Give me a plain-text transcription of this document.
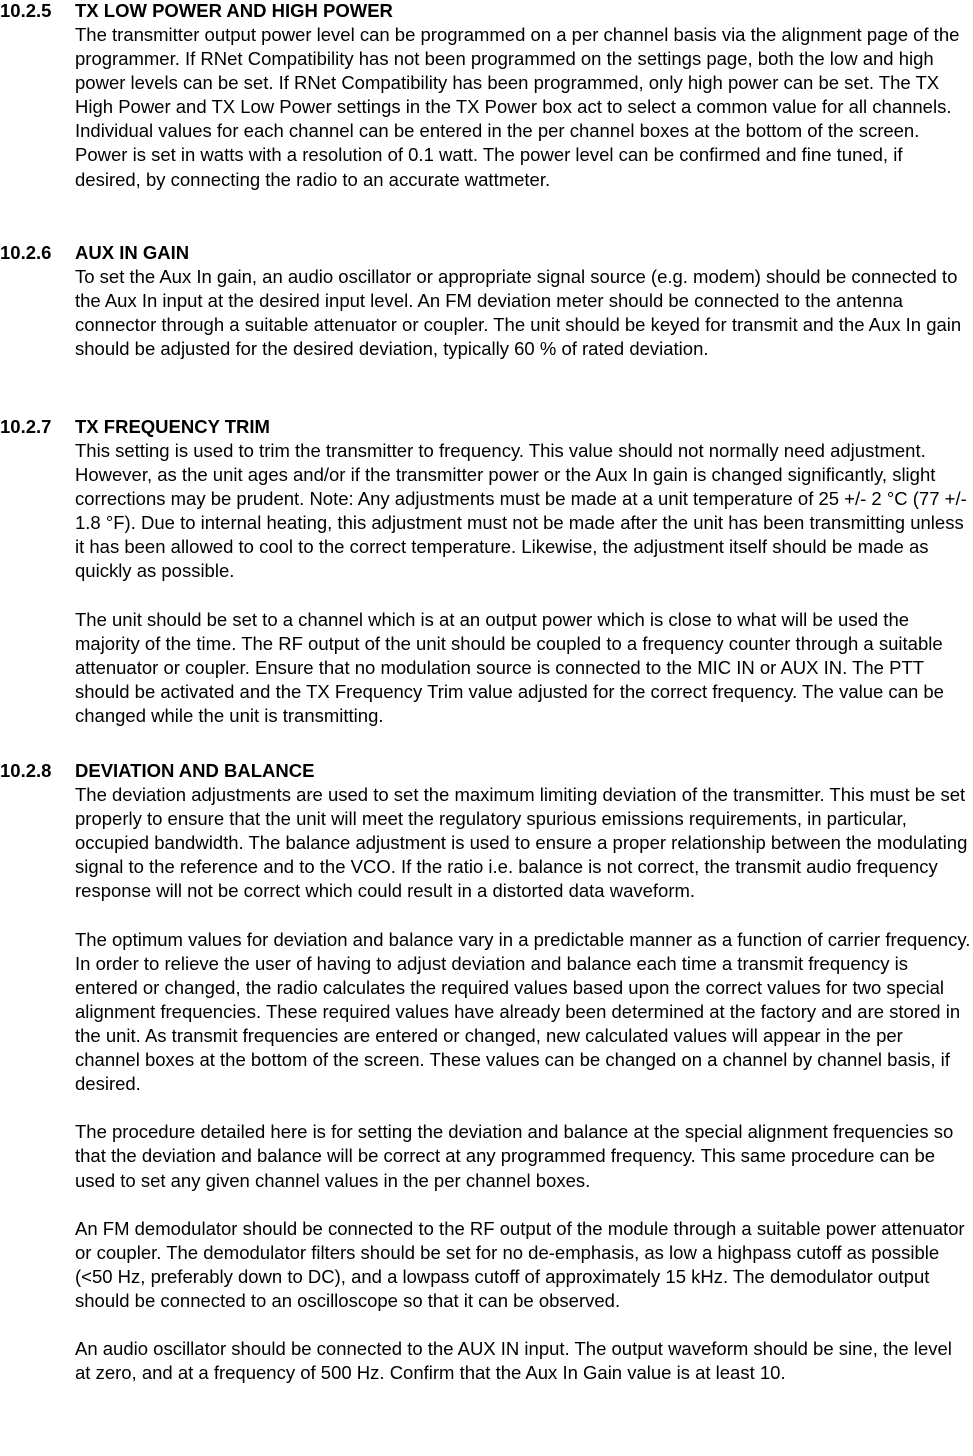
10.2.5 TX LOW POWER AND HIGH POWER

The transmitter output power level can be programmed on a per channel basis via the alignment page of the programmer. If RNet Compatibility has not been programmed on the settings page, both the low and high power levels can be set. If RNet Compatibility has been programmed, only high power can be set. The TX High Power and TX Low Power settings in the TX Power box act to select a common value for all channels. Individual values for each channel can be entered in the per channel boxes at the bottom of the screen. Power is set in watts with a resolution of 0.1 watt. The power level can be confirmed and fine tuned, if desired, by connecting the radio to an accurate wattmeter.

10.2.6 AUX IN GAIN

To set the Aux In gain, an audio oscillator or appropriate signal source (e.g. modem) should be connected to the Aux In input at the desired input level. An FM deviation meter should be connected to the antenna connector through a suitable attenuator or coupler. The unit should be keyed for transmit and the Aux In gain should be adjusted for the desired deviation, typically 60 % of rated deviation.

10.2.7 TX FREQUENCY TRIM

This setting is used to trim the transmitter to frequency. This value should not normally need adjustment. However, as the unit ages and/or if the transmitter power or the Aux In gain is changed significantly, slight corrections may be prudent. Note: Any adjustments must be made at a unit temperature of 25 +/- 2 °C (77 +/- 1.8 °F). Due to internal heating, this adjustment must not be made after the unit has been transmitting unless it has been allowed to cool to the correct temperature. Likewise, the adjustment itself should be made as quickly as possible.

The unit should be set to a channel which is at an output power which is close to what will be used the majority of the time. The RF output of the unit should be coupled to a frequency counter through a suitable attenuator or coupler. Ensure that no modulation source is connected to the MIC IN or AUX IN. The PTT should be activated and the TX Frequency Trim value adjusted for the correct frequency. The value can be changed while the unit is transmitting.

10.2.8 DEVIATION AND BALANCE

The deviation adjustments are used to set the maximum limiting deviation of the transmitter. This must be set properly to ensure that the unit will meet the regulatory spurious emissions requirements, in particular, occupied bandwidth. The balance adjustment is used to ensure a proper relationship between the modulating signal to the reference and to the VCO. If the ratio i.e. balance is not correct, the transmit audio frequency response will not be correct which could result in a distorted data waveform.

The optimum values for deviation and balance vary in a predictable manner as a function of carrier frequency. In order to relieve the user of having to adjust deviation and balance each time a transmit frequency is entered or changed, the radio calculates the required values based upon the correct values for two special alignment frequencies. These required values have already been determined at the factory and are stored in the unit. As transmit frequencies are entered or changed, new calculated values will appear in the per channel boxes at the bottom of the screen. These values can be changed on a channel by channel basis, if desired.

The procedure detailed here is for setting the deviation and balance at the special alignment frequencies so that the deviation and balance will be correct at any programmed frequency. This same procedure can be used to set any given channel values in the per channel boxes.

An FM demodulator should be connected to the RF output of the module through a suitable power attenuator or coupler. The demodulator filters should be set for no de-emphasis, as low a highpass cutoff as possible (<50 Hz, preferably down to DC), and a lowpass cutoff of approximately 15 kHz. The demodulator output should be connected to an oscilloscope so that it can be observed.

An audio oscillator should be connected to the AUX IN input. The output waveform should be sine, the level at zero, and at a frequency of 500 Hz. Confirm that the Aux In Gain value is at least 10.
